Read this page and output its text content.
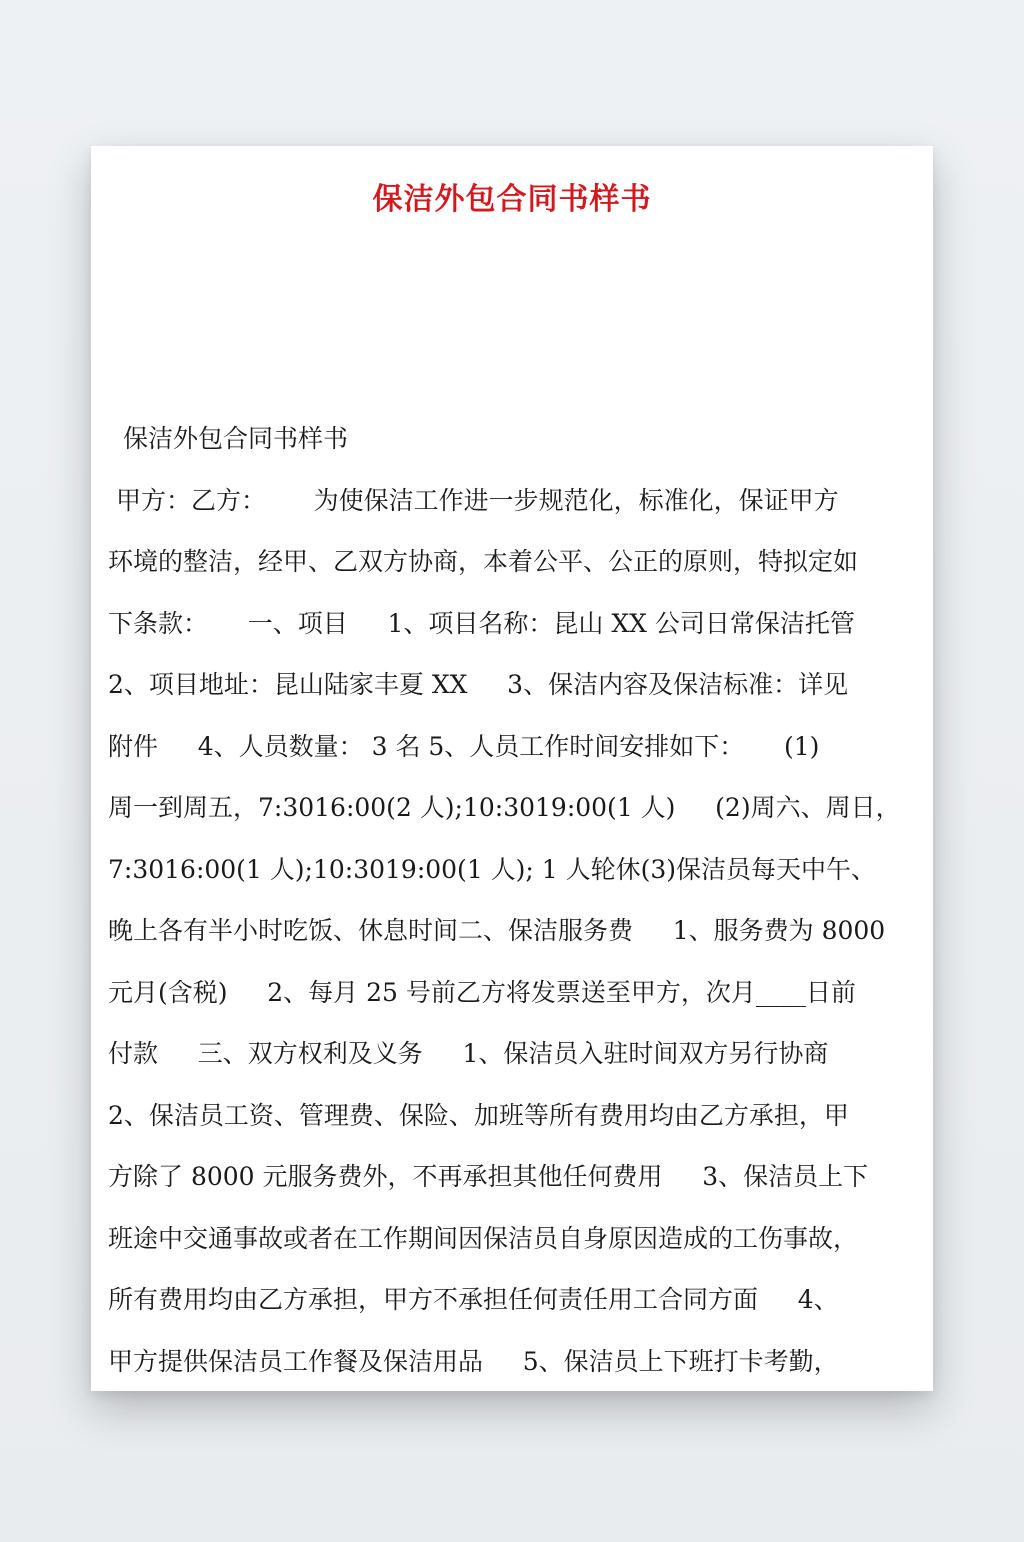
保洁外包合同书样书
保洁外包合同书样书
甲方：乙方：      为使保洁工作进一步规范化，标准化，保证甲方
环境的整洁，经甲、乙双方协商，本着公平、公正的原则，特拟定如
下条款：     一、项目     1、项目名称：昆山 XX 公司日常保洁托管
2、项目地址：昆山陆家丰夏 XX     3、保洁内容及保洁标准：详见
附件     4、人员数量： 3 名 5、人员工作时间安排如下：     (1)
周一到周五，7:3016:00(2 人);10:3019:00(1 人)     (2)周六、周日，
7:3016:00(1 人);10:3019:00(1 人); 1 人轮休(3)保洁员每天中午、
晚上各有半小时吃饭、休息时间二、保洁服务费     1、服务费为 8000
元月(含税)     2、每月 25 号前乙方将发票送至甲方，次月____日前
付款     三、双方权利及义务     1、保洁员入驻时间双方另行协商
2、保洁员工资、管理费、保险、加班等所有费用均由乙方承担，甲
方除了 8000 元服务费外，不再承担其他任何费用     3、保洁员上下
班途中交通事故或者在工作期间因保洁员自身原因造成的工伤事故，
所有费用均由乙方承担，甲方不承担任何责任用工合同方面     4、
甲方提供保洁员工作餐及保洁用品     5、保洁员上下班打卡考勤，
